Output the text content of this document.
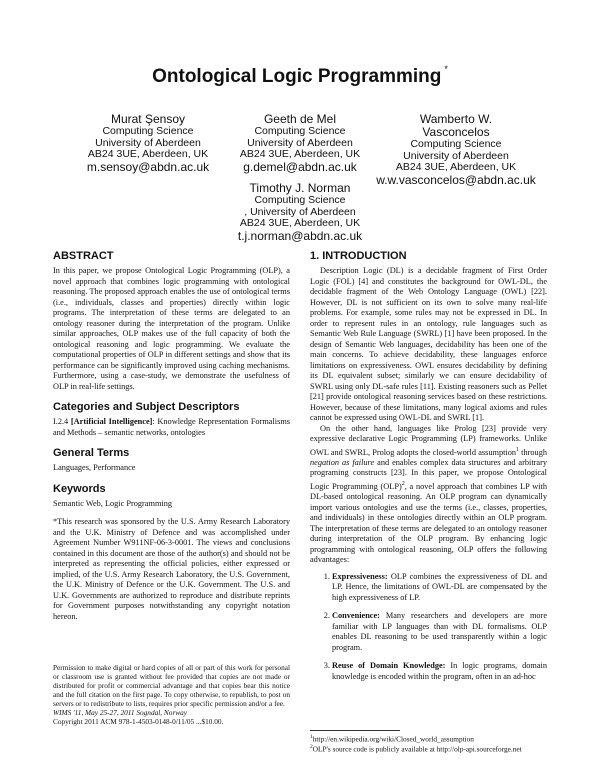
Ontological Logic Programming *
Murat Şensoy
Computing Science
University of Aberdeen
AB24 3UE, Aberdeen, UK
m.sensoy@abdn.ac.uk
Geeth de Mel
Computing Science
University of Aberdeen
AB24 3UE, Aberdeen, UK
g.demel@abdn.ac.uk
Wamberto W. Vasconcelos
Computing Science
University of Aberdeen
AB24 3UE, Aberdeen, UK
w.w.vasconcelos@abdn.ac.uk
Timothy J. Norman
Computing Science
, University of Aberdeen
AB24 3UE, Aberdeen, UK
t.j.norman@abdn.ac.uk
ABSTRACT

In this paper, we propose Ontological Logic Programming (OLP), a novel approach that combines logic programming with ontological reasoning. The proposed approach enables the use of ontological terms (i.e., individuals, classes and properties) directly within logic programs. The interpretation of these terms are delegated to an ontology reasoner during the interpretation of the program. Unlike similar approaches, OLP makes use of the full capacity of both the ontological reasoning and logic programming. We evaluate the computational properties of OLP in different settings and show that its performance can be significantly improved using caching mechanisms. Furthermore, using a case-study, we demonstrate the usefulness of OLP in real-life settings.

Categories and Subject Descriptors

I.2.4 [Artificial Intelligence]: Knowledge Representation Formalisms and Methods – semantic networks, ontologies

General Terms

Languages, Performance

Keywords

Semantic Web, Logic Programming

*This research was sponsored by the U.S. Army Research Laboratory and the U.K. Ministry of Defence and was accomplished under Agreement Number W911NF-06-3-0001. The views and conclusions contained in this document are those of the author(s) and should not be interpreted as representing the official policies, either expressed or implied, of the U.S. Army Research Laboratory, the U.S. Government, the U.K. Ministry of Defence or the U.K. Government. The U.S. and U.K. Governments are authorized to reproduce and distribute reprints for Government purposes notwithstanding any copyright notation hereon.

Permission to make digital or hard copies of all or part of this work for personal or classroom use is granted without fee provided that copies are not made or distributed for profit or commercial advantage and that copies bear this notice and the full citation on the first page. To copy otherwise, to republish, to post on servers or to redistribute to lists, requires prior specific permission and/or a fee.

WIMS '11, May 25-27, 2011 Sogndal, Norway

Copyright 2011 ACM 978-1-4503-0148-0/11/05 ...$10.00.

1. INTRODUCTION

Description Logic (DL) is a decidable fragment of First Order Logic (FOL) [4] and constitutes the background for OWL-DL, the decidable fragment of the Web Ontology Language (OWL) [22]. However, DL is not sufficient on its own to solve many real-life problems. For example, some rules may not be expressed in DL. In order to represent rules in an ontology, rule languages such as Semantic Web Rule Language (SWRL) [1] have been proposed. In the design of Semantic Web languages, decidability has been one of the main concerns. To achieve decidability, these languages enforce limitations on expressiveness. OWL ensures decidability by defining its DL equivalent subset; similarly we can ensure decidability of SWRL using only DL-safe rules [11]. Existing reasoners such as Pellet [21] provide ontological reasoning services based on these restrictions. However, because of these limitations, many logical axioms and rules cannot be expressed using OWL-DL and SWRL [1].

On the other hand, languages like Prolog [23] provide very expressive declarative Logic Programming (LP) frameworks. Unlike OWL and SWRL, Prolog adopts the closed-world assumption$^1$ through negation as failure and enables complex data structures and arbitrary programing constructs [23]. In this paper, we propose Ontological Logic Programming (OLP)$^2$, a novel approach that combines LP with DL-based ontological reasoning. An OLP program can dynamically import various ontologies and use the terms (i.e., classes, properties, and individuals) in these ontologies directly within an OLP program. The interpretation of these terms are delegated to an ontology reasoner during interpretation of the OLP program. By enhancing logic programming with ontological reasoning, OLP offers the following advantages:

1. Expressiveness: OLP combines the expressiveness of DL and LP. Hence, the limitations of OWL-DL are compensated by the high expressiveness of LP.
2. Convenience: Many researchers and developers are more familiar with LP languages than with DL formalisms. OLP enables DL reasoning to be used transparently within a logic program.
3. Reuse of Domain Knowledge: In logic programs, domain knowledge is encoded within the program, often in an ad-hoc

$^1$http://en.wikipedia.org/wiki/Closed_world_assumption

$^2$OLP's source code is publicly available at http://olp-api.sourceforge.net
